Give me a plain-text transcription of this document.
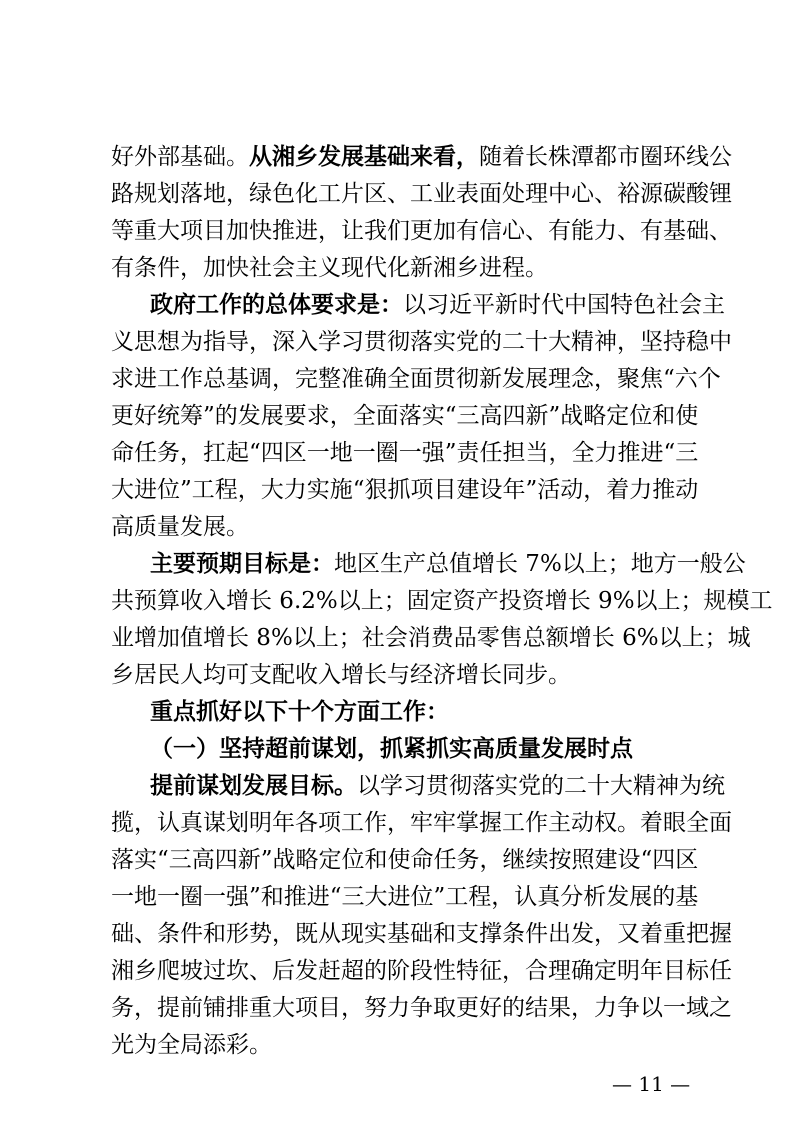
好外部基础。从湘乡发展基础来看，随着长株潭都市圈环线公
路规划落地，绿色化工片区、工业表面处理中心、裕源碳酸锂
等重大项目加快推进，让我们更加有信心、有能力、有基础、
有条件，加快社会主义现代化新湘乡进程。
政府工作的总体要求是：以习近平新时代中国特色社会主
义思想为指导，深入学习贯彻落实党的二十大精神，坚持稳中
求进工作总基调，完整准确全面贯彻新发展理念，聚焦“六个
更好统筹”的发展要求，全面落实“三高四新”战略定位和使
命任务，扛起“四区一地一圈一强”责任担当，全力推进“三
大进位”工程，大力实施“狠抓项目建设年”活动，着力推动
高质量发展。
主要预期目标是：地区生产总值增长 7%以上；地方一般公
共预算收入增长 6.2%以上；固定资产投资增长 9%以上；规模工
业增加值增长 8%以上；社会消费品零售总额增长 6%以上；城
乡居民人均可支配收入增长与经济增长同步。
重点抓好以下十个方面工作：
（一）坚持超前谋划，抓紧抓实高质量发展时点
提前谋划发展目标。以学习贯彻落实党的二十大精神为统
揽，认真谋划明年各项工作，牢牢掌握工作主动权。着眼全面
落实“三高四新”战略定位和使命任务，继续按照建设“四区
一地一圈一强”和推进“三大进位”工程，认真分析发展的基
础、条件和形势，既从现实基础和支撑条件出发，又着重把握
湘乡爬坡过坎、后发赶超的阶段性特征，合理确定明年目标任
务，提前铺排重大项目，努力争取更好的结果，力争以一域之
光为全局添彩。
— 11 —
